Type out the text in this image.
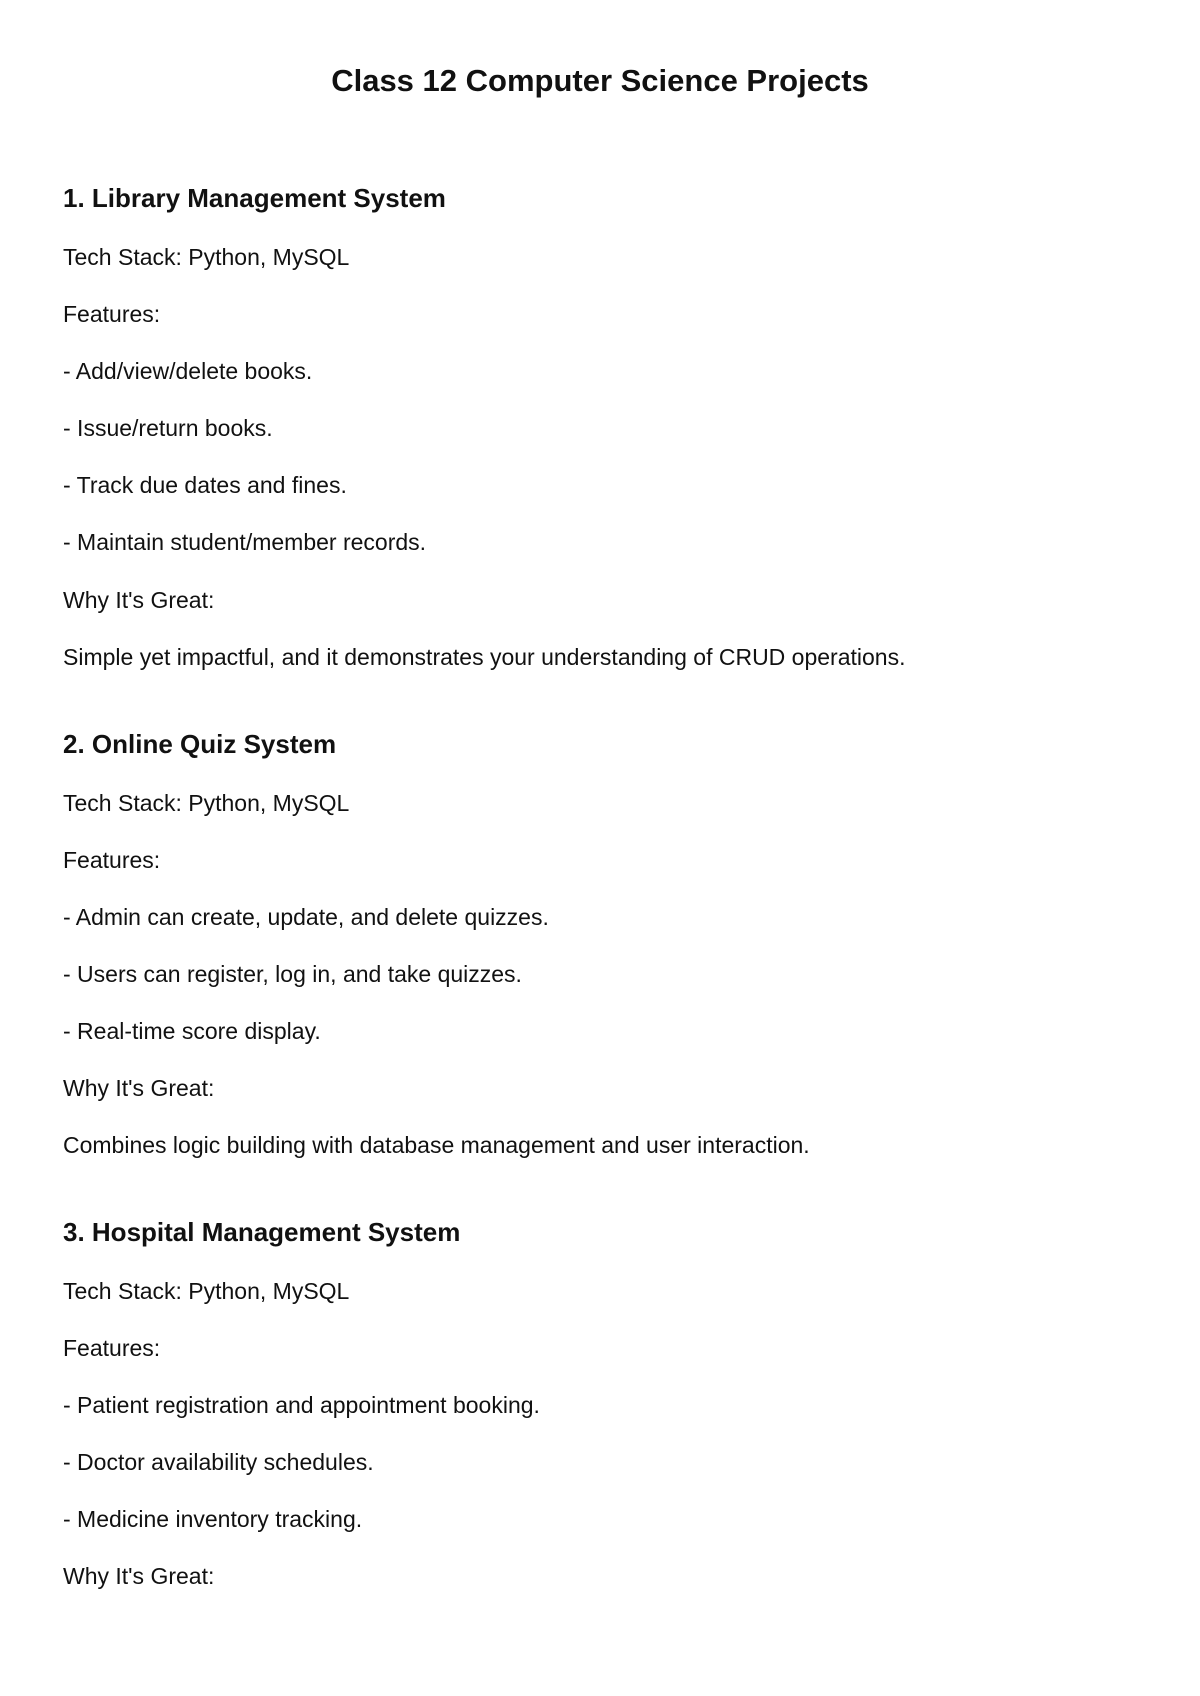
Class 12 Computer Science Projects
1. Library Management System

Tech Stack: Python, MySQL

Features:

- Add/view/delete books.

- Issue/return books.

- Track due dates and fines.

- Maintain student/member records.

Why It's Great:

Simple yet impactful, and it demonstrates your understanding of CRUD operations.

2. Online Quiz System

Tech Stack: Python, MySQL

Features:

- Admin can create, update, and delete quizzes.

- Users can register, log in, and take quizzes.

- Real-time score display.

Why It's Great:

Combines logic building with database management and user interaction.

3. Hospital Management System

Tech Stack: Python, MySQL

Features:

- Patient registration and appointment booking.

- Doctor availability schedules.

- Medicine inventory tracking.

Why It's Great:
